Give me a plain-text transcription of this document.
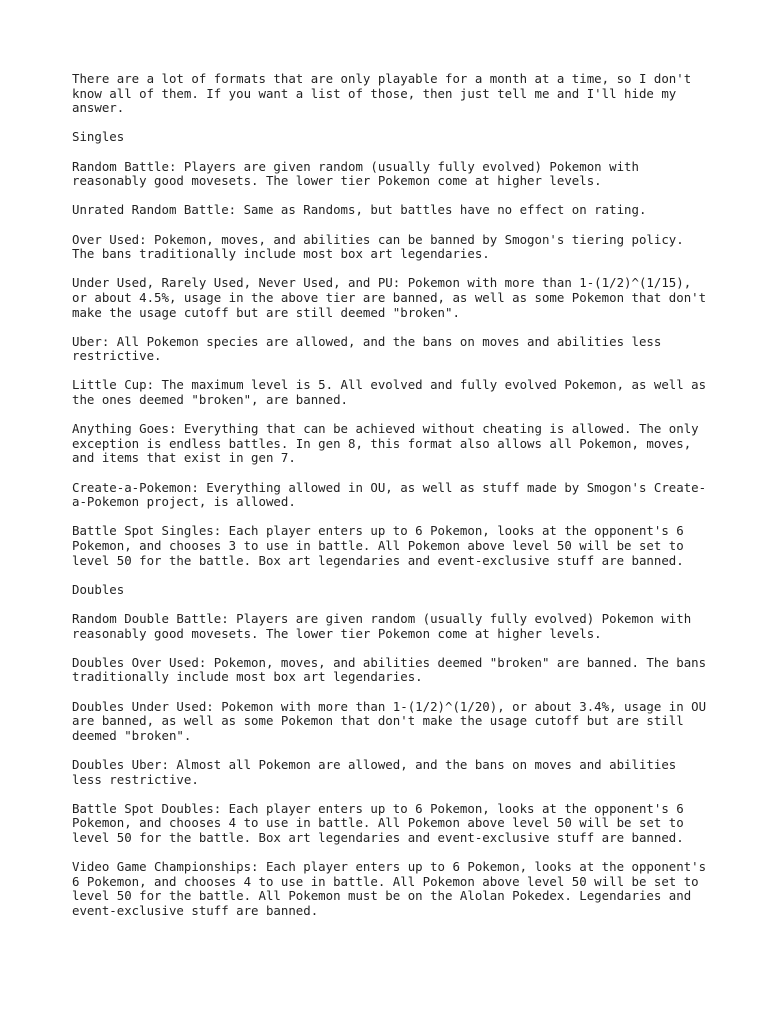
There are a lot of formats that are only playable for a month at a time, so I don't know all of them. If you want a list of those, then just tell me and I'll hide my answer.

Singles

Random Battle: Players are given random (usually fully evolved) Pokemon with reasonably good movesets. The lower tier Pokemon come at higher levels.

Unrated Random Battle: Same as Randoms, but battles have no effect on rating.

Over Used: Pokemon, moves, and abilities can be banned by Smogon's tiering policy. The bans traditionally include most box art legendaries.

Under Used, Rarely Used, Never Used, and PU: Pokemon with more than 1-(1/2)^(1/15), or about 4.5%, usage in the above tier are banned, as well as some Pokemon that don't make the usage cutoff but are still deemed "broken".

Uber: All Pokemon species are allowed, and the bans on moves and abilities less restrictive.

Little Cup: The maximum level is 5. All evolved and fully evolved Pokemon, as well as the ones deemed "broken", are banned.

Anything Goes: Everything that can be achieved without cheating is allowed. The only exception is endless battles. In gen 8, this format also allows all Pokemon, moves, and items that exist in gen 7.

Create-a-Pokemon: Everything allowed in OU, as well as stuff made by Smogon's Create-a-Pokemon project, is allowed.

Battle Spot Singles: Each player enters up to 6 Pokemon, looks at the opponent's 6 Pokemon, and chooses 3 to use in battle. All Pokemon above level 50 will be set to level 50 for the battle. Box art legendaries and event-exclusive stuff are banned.

Doubles

Random Double Battle: Players are given random (usually fully evolved) Pokemon with reasonably good movesets. The lower tier Pokemon come at higher levels.

Doubles Over Used: Pokemon, moves, and abilities deemed "broken" are banned. The bans traditionally include most box art legendaries.

Doubles Under Used: Pokemon with more than 1-(1/2)^(1/20), or about 3.4%, usage in OU are banned, as well as some Pokemon that don't make the usage cutoff but are still deemed "broken".

Doubles Uber: Almost all Pokemon are allowed, and the bans on moves and abilities less restrictive.

Battle Spot Doubles: Each player enters up to 6 Pokemon, looks at the opponent's 6 Pokemon, and chooses 4 to use in battle. All Pokemon above level 50 will be set to level 50 for the battle. Box art legendaries and event-exclusive stuff are banned.

Video Game Championships: Each player enters up to 6 Pokemon, looks at the opponent's 6 Pokemon, and chooses 4 to use in battle. All Pokemon above level 50 will be set to level 50 for the battle. All Pokemon must be on the Alolan Pokedex. Legendaries and event-exclusive stuff are banned.
